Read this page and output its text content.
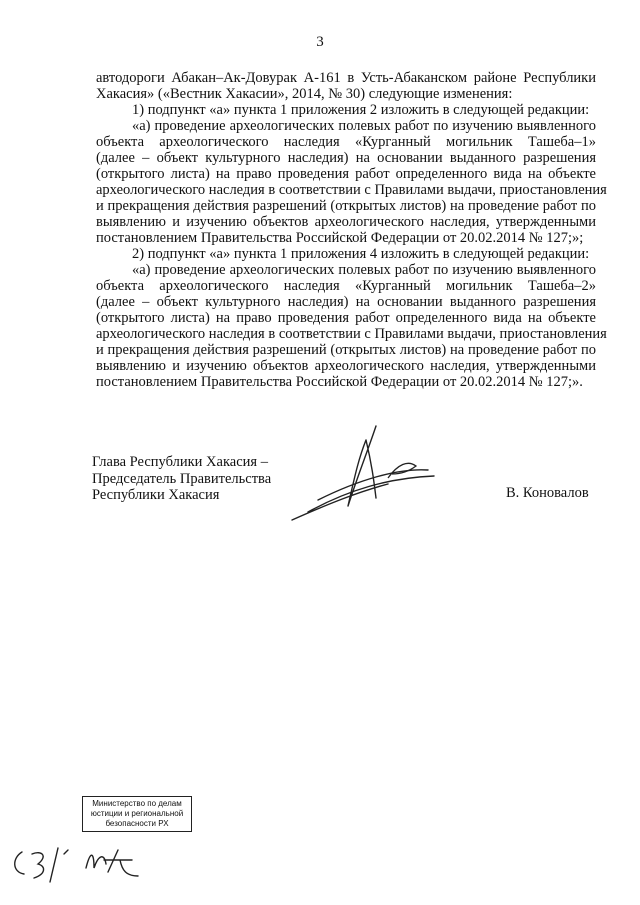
3
автодороги Абакан–Ак-Довурак А-161 в Усть-Абаканском районе Республики
Хакасия» («Вестник Хакасии», 2014, № 30) следующие изменения:
1) подпункт «а» пункта 1 приложения 2 изложить в следующей редакции:
«а) проведение археологических полевых работ по изучению выявленного
объекта археологического наследия «Курганный могильник Ташеба–1»
(далее – объект культурного наследия) на основании выданного разрешения
(открытого листа) на право проведения работ определенного вида на объекте
археологического наследия в соответствии с Правилами выдачи, приостановления
и прекращения действия разрешений (открытых листов) на проведение работ по
выявлению и изучению объектов археологического наследия, утвержденными
постановлением Правительства Российской Федерации от 20.02.2014 № 127;»;
2) подпункт «а» пункта 1 приложения 4 изложить в следующей редакции:
«а) проведение археологических полевых работ по изучению выявленного
объекта археологического наследия «Курганный могильник Ташеба–2»
(далее – объект культурного наследия) на основании выданного разрешения
(открытого листа) на право проведения работ определенного вида на объекте
археологического наследия в соответствии с Правилами выдачи, приостановления
и прекращения действия разрешений (открытых листов) на проведение работ по
выявлению и изучению объектов археологического наследия, утвержденными
постановлением Правительства Российской Федерации от 20.02.2014 № 127;».
Глава Республики Хакасия –
Председатель Правительства
Республики Хакасия	В. Коновалов
Министерство по делам
юстиции и региональной
безопасности РХ
